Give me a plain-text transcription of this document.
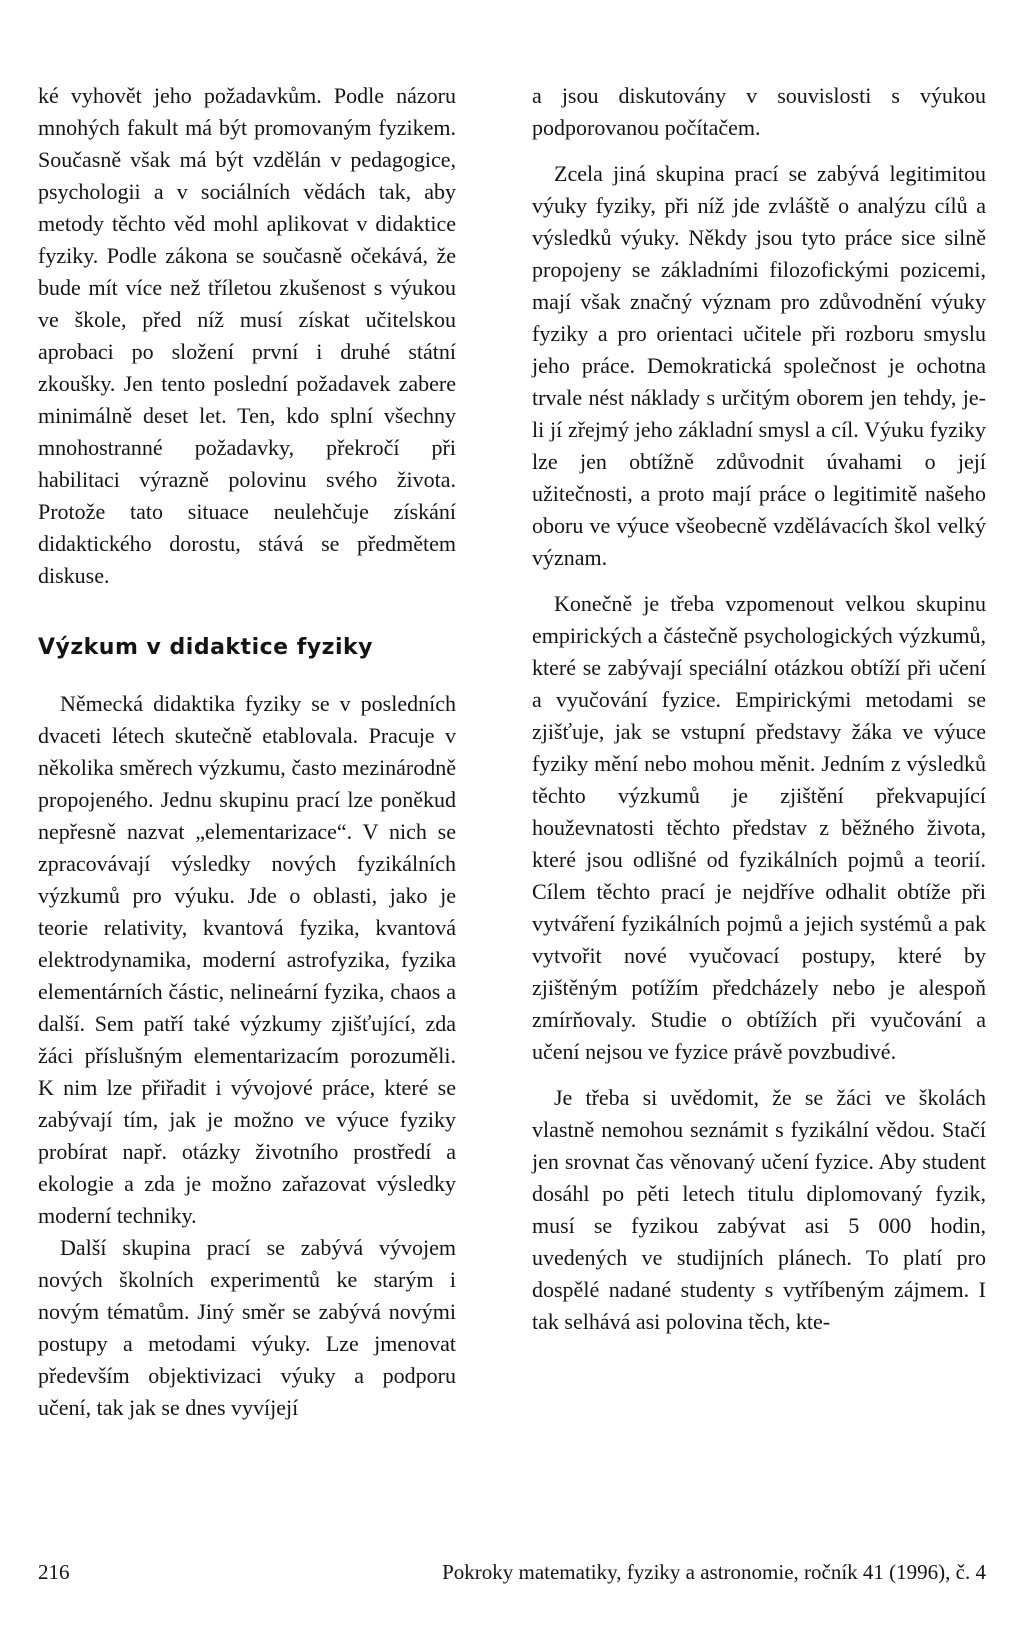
ké vyhovět jeho požadavkům. Podle názoru mnohých fakult má být promovaným fyzikem. Současně však má být vzdělán v pedagogice, psychologii a v sociálních vědách tak, aby metody těchto věd mohl aplikovat v didaktice fyziky. Podle zákona se současně očekává, že bude mít více než tříletou zkušenost s výukou ve škole, před níž musí získat učitelskou aprobaci po složení první i druhé státní zkoušky. Jen tento poslední požadavek zabere minimálně deset let. Ten, kdo splní všechny mnohostranné požadavky, překročí při habilitaci výrazně polovinu svého života. Protože tato situace neulehčuje získání didaktického dorostu, stává se předmětem diskuse.

Výzkum v didaktice fyziky

Německá didaktika fyziky se v posledních dvaceti létech skutečně etablovala. Pracuje v několika směrech výzkumu, často mezinárodně propojeného. Jednu skupinu prací lze poněkud nepřesně nazvat „elementarizace“. V nich se zpracovávají výsledky nových fyzikálních výzkumů pro výuku. Jde o oblasti, jako je teorie relativity, kvantová fyzika, kvantová elektrodynamika, moderní astrofyzika, fyzika elementárních částic, nelineární fyzika, chaos a další. Sem patří také výzkumy zjišťující, zda žáci příslušným elementarizacím porozuměli. K nim lze přiřadit i vývojové práce, které se zabývají tím, jak je možno ve výuce fyziky probírat např. otázky životního prostředí a ekologie a zda je možno zařazovat výsledky moderní techniky.

Další skupina prací se zabývá vývojem nových školních experimentů ke starým i novým tématům. Jiný směr se zabývá novými postupy a metodami výuky. Lze jmenovat především objektivizaci výuky a podporu učení, tak jak se dnes vyvíjejí

a jsou diskutovány v souvislosti s výukou podporovanou počítačem.

Zcela jiná skupina prací se zabývá legitimitou výuky fyziky, při níž jde zvláště o analýzu cílů a výsledků výuky. Někdy jsou tyto práce sice silně propojeny se základními filozofickými pozicemi, mají však značný význam pro zdůvodnění výuky fyziky a pro orientaci učitele při rozboru smyslu jeho práce. Demokratická společnost je ochotna trvale nést náklady s určitým oborem jen tehdy, je-li jí zřejmý jeho základní smysl a cíl. Výuku fyziky lze jen obtížně zdůvodnit úvahami o její užitečnosti, a proto mají práce o legitimitě našeho oboru ve výuce všeobecně vzdělávacích škol velký význam.

Konečně je třeba vzpomenout velkou skupinu empirických a částečně psychologických výzkumů, které se zabývají speciální otázkou obtíží při učení a vyučování fyzice. Empirickými metodami se zjišťuje, jak se vstupní představy žáka ve výuce fyziky mění nebo mohou měnit. Jedním z výsledků těchto výzkumů je zjištění překvapující houževnatosti těchto představ z běžného života, které jsou odlišné od fyzikálních pojmů a teorií. Cílem těchto prací je nejdříve odhalit obtíže při vytváření fyzikálních pojmů a jejich systémů a pak vytvořit nové vyučovací postupy, které by zjištěným potížím předcházely nebo je alespoň zmírňovaly. Studie o obtížích při vyučování a učení nejsou ve fyzice právě povzbudivé.

Je třeba si uvědomit, že se žáci ve školách vlastně nemohou seznámit s fyzikální vědou. Stačí jen srovnat čas věnovaný učení fyzice. Aby student dosáhl po pěti letech titulu diplomovaný fyzik, musí se fyzikou zabývat asi 5 000 hodin, uvedených ve studijních plánech. To platí pro dospělé nadané studenty s vytříbeným zájmem. I tak selhává asi polovina těch, kte-

216	Pokroky matematiky, fyziky a astronomie, ročník 41 (1996), č. 4
